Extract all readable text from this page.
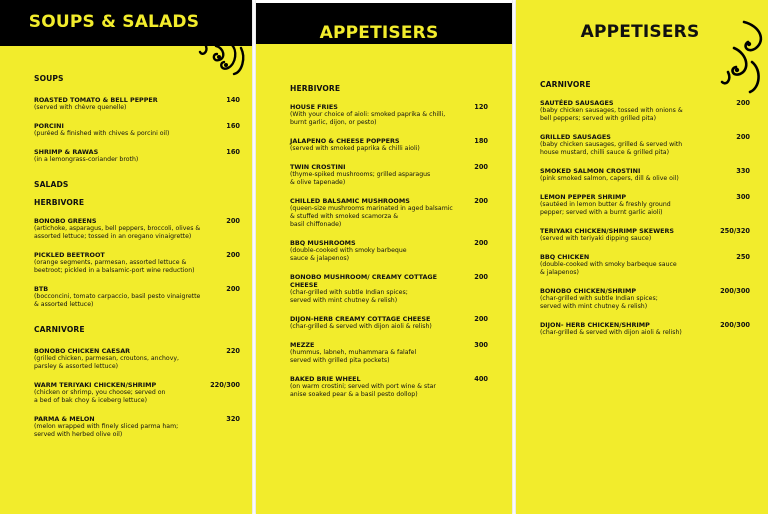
SOUPS & SALADS
SOUPS
ROASTED TOMATO & BELL PEPPER
(served with chèvre quenelle)
140
PORCINI
(puréed & finished with chives & porcini oil)
160
SHRIMP & RAWAS
(in a lemongrass-coriander broth)
160
SALADS
HERBIVORE
BONOBO GREENS
(artichoke, asparagus, bell peppers, broccoli, olives &
assorted lettuce; tossed in an oregano vinaigrette)
200
PICKLED BEETROOT
(orange segments, parmesan, assorted lettuce &
beetroot; pickled in a balsamic-port wine reduction)
200
BTB
(bocconcini, tomato carpaccio, basil pesto vinaigrette
& assorted lettuce)
200
CARNIVORE
BONOBO CHICKEN CAESAR
(grilled chicken, parmesan, croutons, anchovy,
parsley & assorted lettuce)
220
WARM TERIYAKI CHICKEN/SHRIMP
(chicken or shrimp, you choose; served on
a bed of bak choy & iceberg lettuce)
220/300
PARMA & MELON
(melon wrapped with finely sliced parma ham;
served with herbed olive oil)
320
APPETISERS
HERBIVORE
HOUSE FRIES
(With your choice of aioli: smoked paprika & chilli,
burnt garlic, dijon, or pesto)
120
JALAPENO & CHEESE POPPERS
(served with smoked paprika & chilli aioli)
180
TWIN CROSTINI
(thyme-spiked mushrooms; grilled asparagus
& olive tapenade)
200
CHILLED BALSAMIC MUSHROOMS
(queen-size mushrooms marinated in aged balsamic
& stuffed with smoked scamorza &
basil chiffonade)
200
BBQ MUSHROOMS
(double-cooked with smoky barbeque
sauce & jalapenos)
200
BONOBO MUSHROOM/ CREAMY COTTAGE CHEESE
(char-grilled with subtle Indian spices;
served with mint chutney & relish)
200
DIJON-HERB CREAMY COTTAGE CHEESE
(char-grilled & served with dijon aioli & relish)
200
MEZZE
(hummus, labneh, muhammara & falafel
served with grilled pita pockets)
300
BAKED BRIE WHEEL
(on warm crostini; served with port wine & star
anise soaked pear & a basil pesto dollop)
400
APPETISERS
CARNIVORE
SAUTÉED SAUSAGES
(baby chicken sausages, tossed with onions &
bell peppers; served with grilled pita)
200
GRILLED SAUSAGES
(baby chicken sausages, grilled & served with
house mustard, chilli sauce & grilled pita)
200
SMOKED SALMON CROSTINI
(pink smoked salmon, capers, dill & olive oil)
330
LEMON PEPPER SHRIMP
(sautéed in lemon butter & freshly ground
pepper; served with a burnt garlic aioli)
300
TERIYAKI CHICKEN/SHRIMP SKEWERS
(served with teriyaki dipping sauce)
250/320
BBQ CHICKEN
(double-cooked with smoky barbeque sauce
& jalapenos)
250
BONOBO CHICKEN/SHRIMP
(char-grilled with subtle Indian spices;
served with mint chutney & relish)
200/300
DIJON- HERB CHICKEN/SHRIMP
(char-grilled & served with dijon aioli & relish)
200/300
